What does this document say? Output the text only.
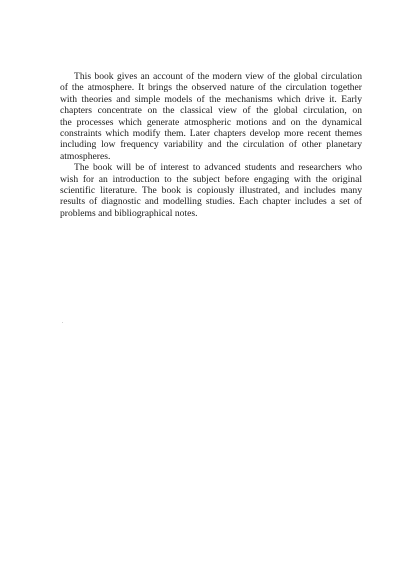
This book gives an account of the modern view of the global circulation
of the atmosphere. It brings the observed nature of the circulation together
with theories and simple models of the mechanisms which drive it. Early
chapters concentrate on the classical view of the global circulation, on
the processes which generate atmospheric motions and on the dynamical
constraints which modify them. Later chapters develop more recent themes
including low frequency variability and the circulation of other planetary
atmospheres.

The book will be of interest to advanced students and researchers who
wish for an introduction to the subject before engaging with the original
scientific literature. The book is copiously illustrated, and includes many
results of diagnostic and modelling studies. Each chapter includes a set of
problems and bibliographical notes.
